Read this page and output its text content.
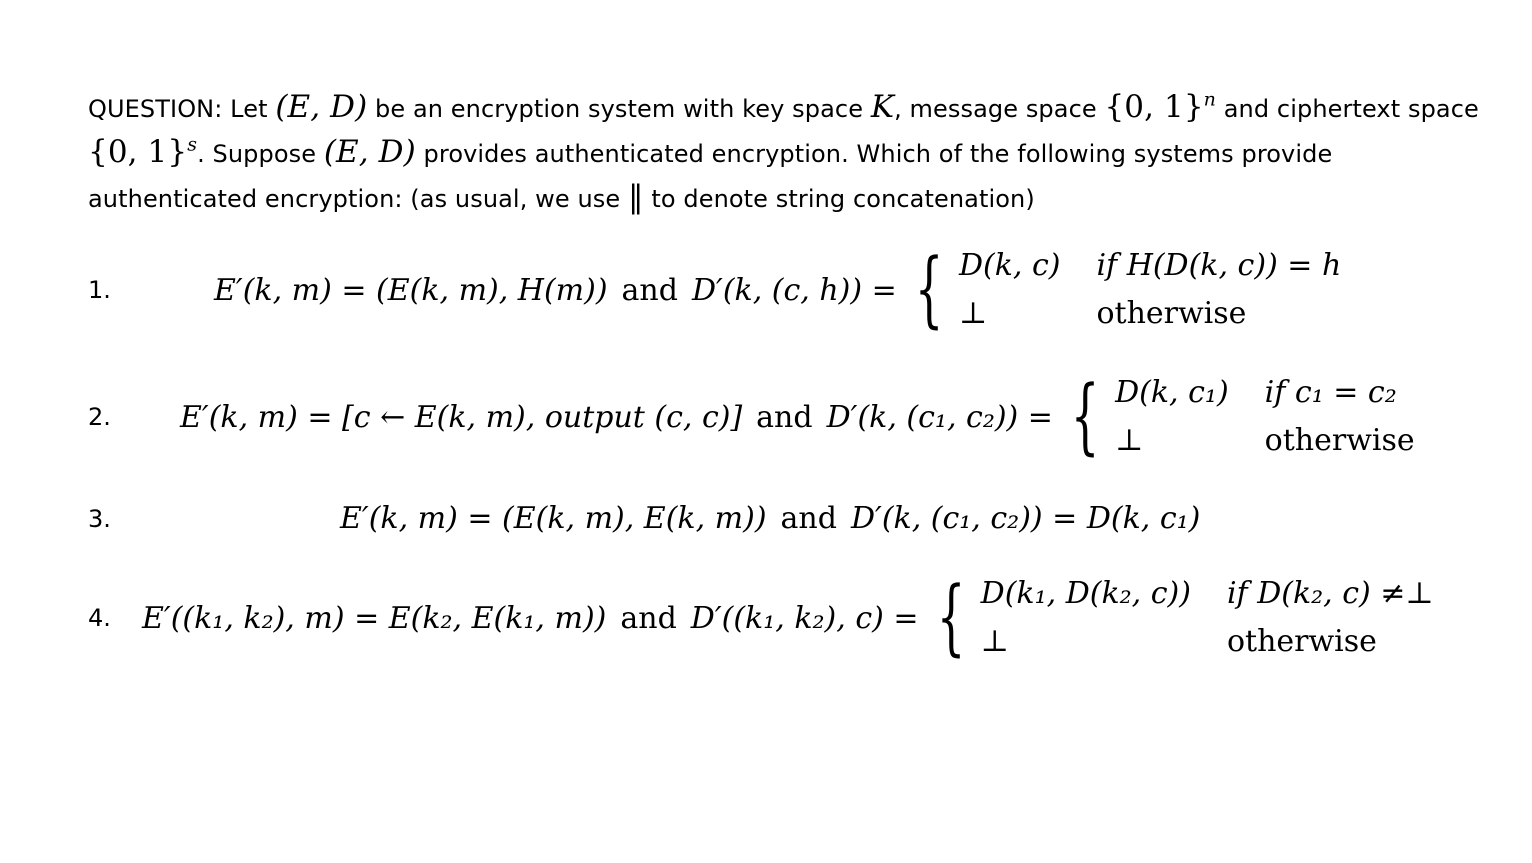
QUESTION: Let (E, D) be an encryption system with key space K, message space {0, 1}$^n$ and ciphertext space {0, 1}$^s$. Suppose (E, D) provides authenticated encryption. Which of the following systems provide authenticated encryption: (as usual, we use ‖ to denote string concatenation)
1.	E′(k, m) = (E(k, m), H(m)) and D′(k, (c, h)) = { D(k, c) if H(D(k, c)) = h
⊥	otherwise
2. E′(k, m) = [c ← E(k, m), output (c, c)] and D′(k, (c₁, c₂)) = { D(k, c₁) if c₁ = c₂
⊥	otherwise
3.	E′(k, m) = (E(k, m), E(k, m)) and D′(k, (c₁, c₂)) = D(k, c₁)
4. E′((k₁, k₂), m) = E(k₂, E(k₁, m)) and D′((k₁, k₂), c) = { D(k₁, D(k₂, c)) if D(k₂, c) ≠⊥
⊥	otherwise
